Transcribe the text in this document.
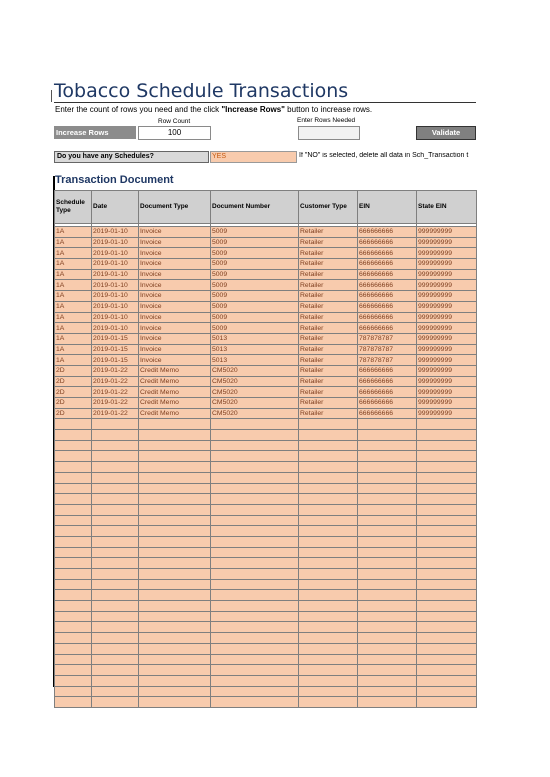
Tobacco Schedule Transactions
Enter the count of rows you need and the click "Increase Rows" button to increase rows.
Row Count	Enter Rows Needed
Increase Rows	100	Validate
Do you have any Schedules?	YES	If "NO" is selected, delete all data in Sch_Transaction t
Transaction Document
Schedule Type	Date	Document Type	Document Number	Customer Type	EIN	State EIN

1A	2019-01-10	Invoice	5009	Retailer	666666666	999999999
1A	2019-01-10	Invoice	5009	Retailer	666666666	999999999
1A	2019-01-10	Invoice	5009	Retailer	666666666	999999999
1A	2019-01-10	Invoice	5009	Retailer	666666666	999999999
1A	2019-01-10	Invoice	5009	Retailer	666666666	999999999
1A	2019-01-10	Invoice	5009	Retailer	666666666	999999999
1A	2019-01-10	Invoice	5009	Retailer	666666666	999999999
1A	2019-01-10	Invoice	5009	Retailer	666666666	999999999
1A	2019-01-10	Invoice	5009	Retailer	666666666	999999999
1A	2019-01-10	Invoice	5009	Retailer	666666666	999999999
1A	2019-01-15	Invoice	5013	Retailer	787878787	999999999
1A	2019-01-15	Invoice	5013	Retailer	787878787	999999999
1A	2019-01-15	Invoice	5013	Retailer	787878787	999999999
2D	2019-01-22	Credit Memo	CM5020	Retailer	666666666	999999999
2D	2019-01-22	Credit Memo	CM5020	Retailer	666666666	999999999
2D	2019-01-22	Credit Memo	CM5020	Retailer	666666666	999999999
2D	2019-01-22	Credit Memo	CM5020	Retailer	666666666	999999999
2D	2019-01-22	Credit Memo	CM5020	Retailer	666666666	999999999
